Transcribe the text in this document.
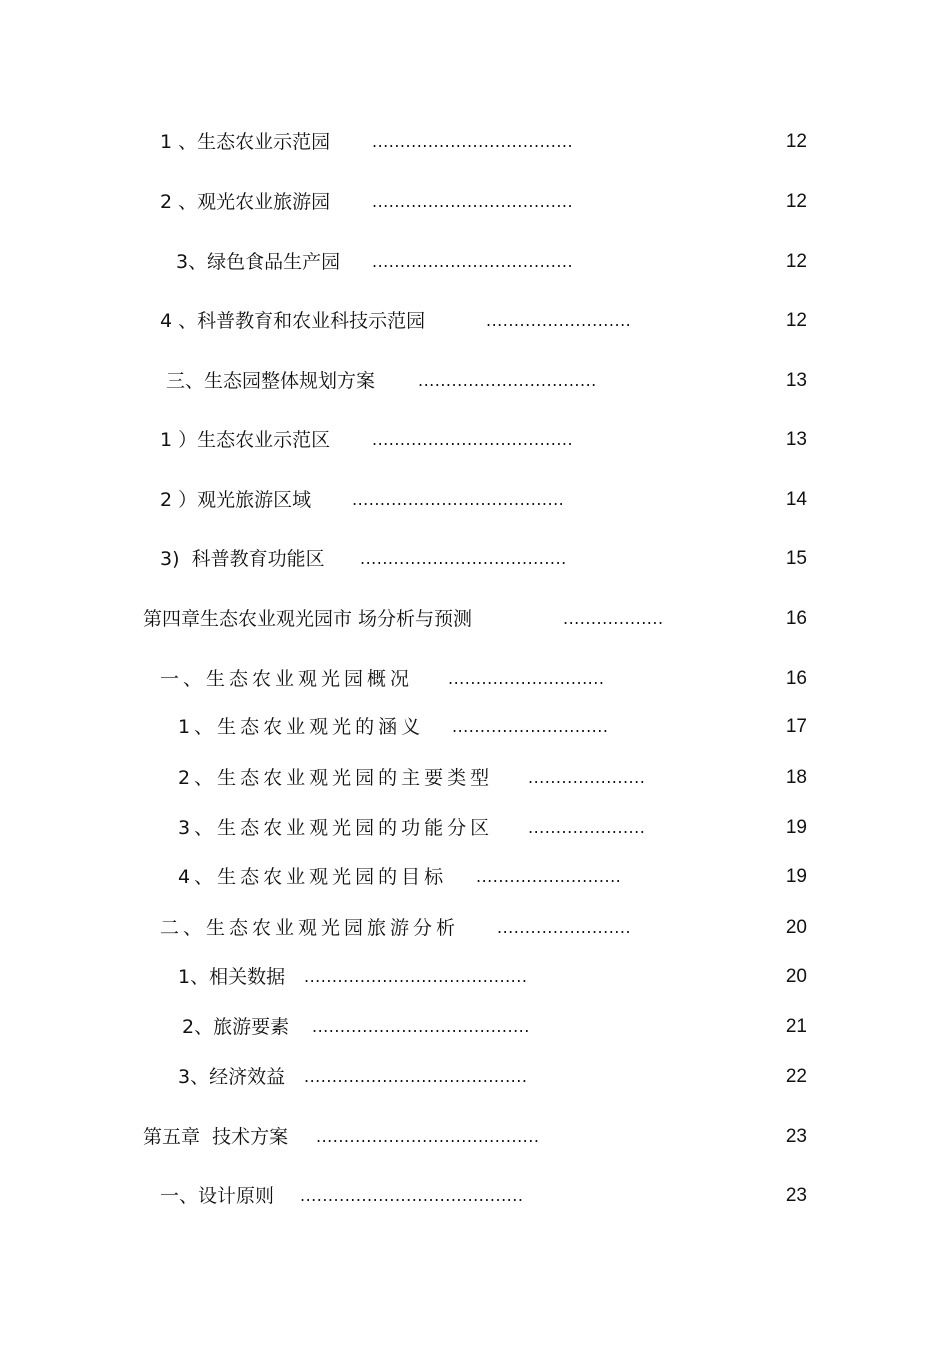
1 、生态农业示范园	....................................	12
2 、观光农业旅游园	....................................	12
3、绿色食品生产园 ....................................	12
4 、科普教育和农业科技示范园	..........................	12
三、生态园整体规划方案	................................	13
1 ）生态农业示范区	....................................	13
2 ）观光旅游区域	......................................	14
3)  科普教育功能区 .....................................	15
第四章生态农业观光园市 场分析与预测	..................	16
一、生态农业观光园概况 ............................	16
1、生态农业观光的涵义 ............................	17
2、生态农业观光园的主要类型 .....................	18
3、生态农业观光园的功能分区 .....................	19
4、生态农业观光园的目标 ..........................	19
二、生态农业观光园旅游分析 ........................	20
1、相关数据 ........................................	20
2、旅游要素 .......................................	21
3、经济效益 ........................................	22
第五章  技术方案 ........................................	23
一、设计原则 ........................................	23
